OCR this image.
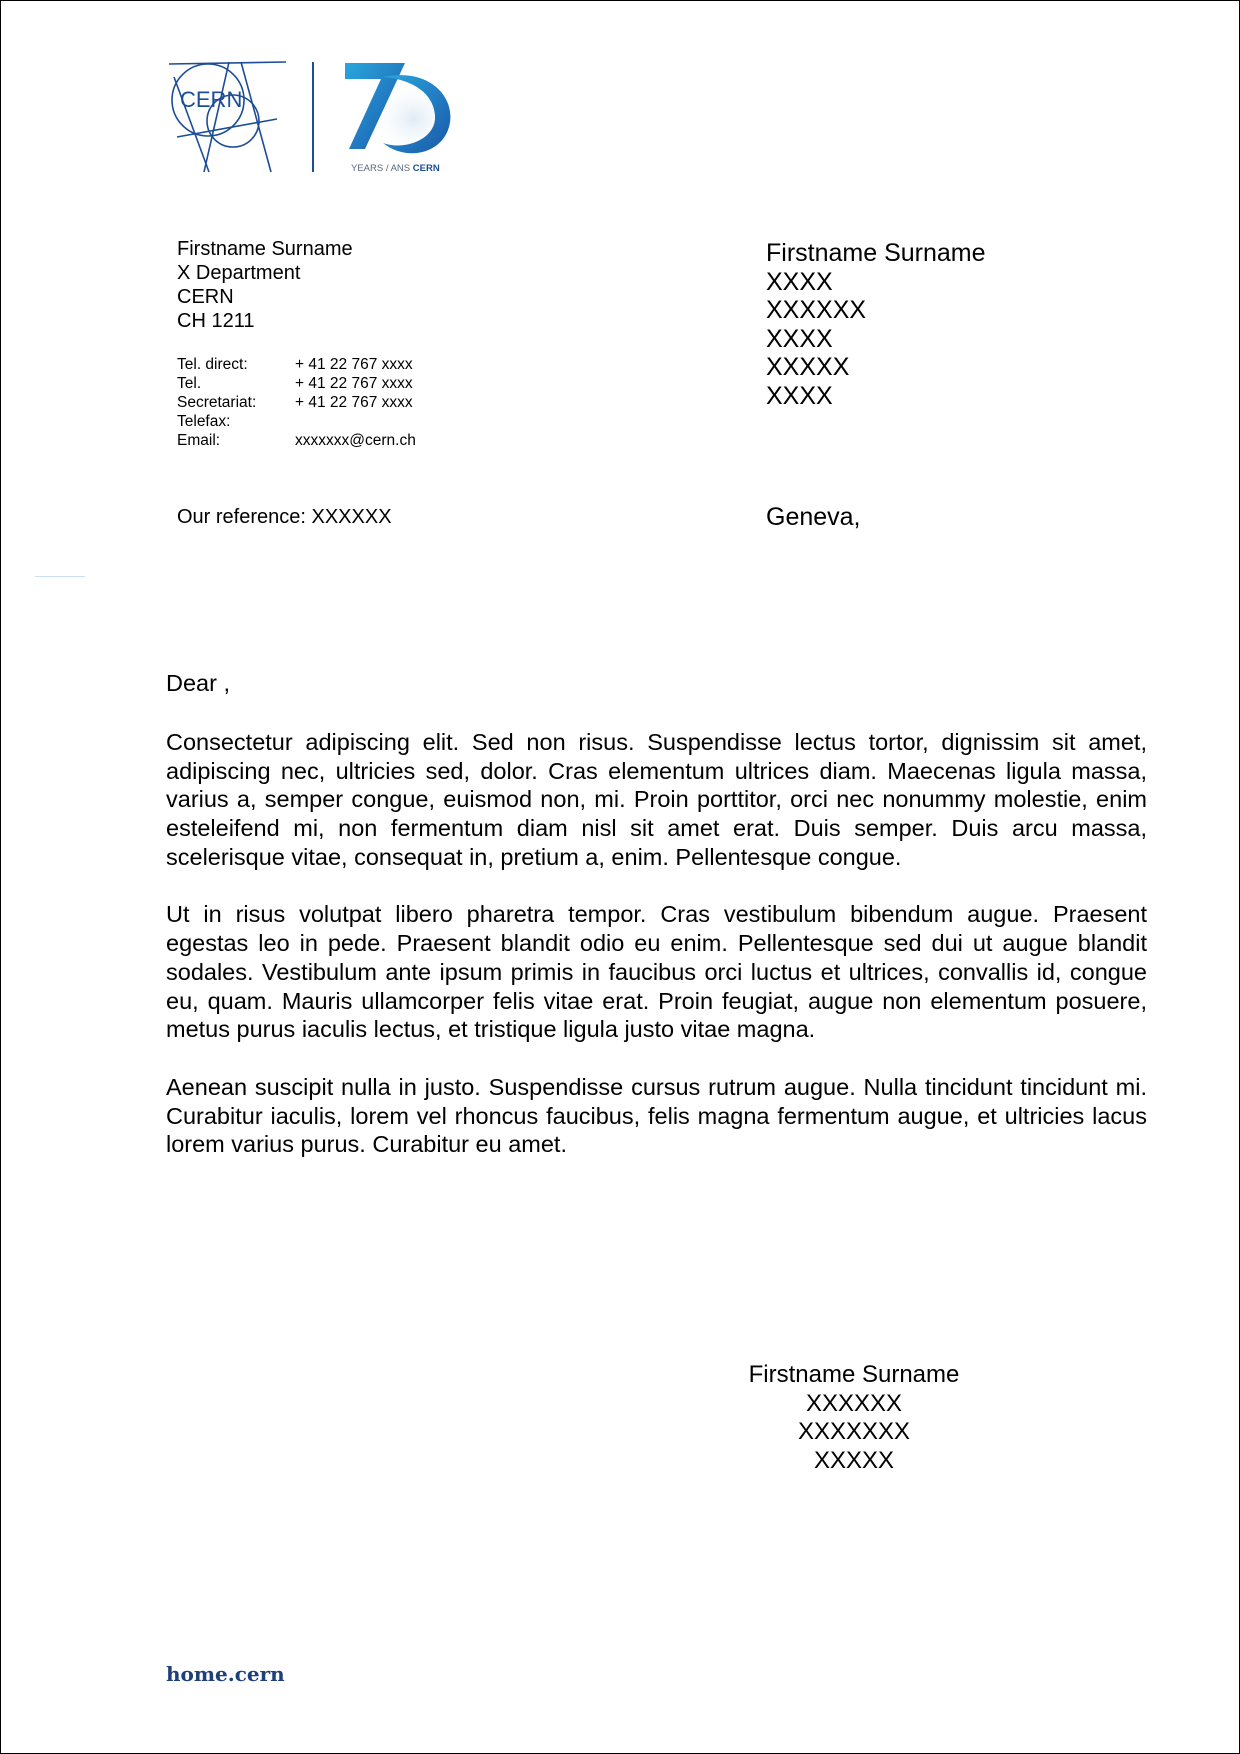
CERN
YEARS / ANS CERN
Firstname Surname
X Department
CERN
CH 1211
Tel. direct:	+ 41 22 767 xxxx
Tel.	+ 41 22 767 xxxx
Secretariat:	+ 41 22 767 xxxx
Telefax:
Email:	xxxxxxx@cern.ch
Our reference: XXXXXX
Firstname Surname
XXXX
XXXXXX
XXXX
XXXXX
XXXX
Geneva,
Dear ,

Consectetur adipiscing elit. Sed non risus. Suspendisse lectus tortor, dignissim sit amet, adipiscing nec, ultricies sed, dolor. Cras elementum ultrices diam. Maecenas ligula massa, varius a, semper congue, euismod non, mi. Proin porttitor, orci nec nonummy molestie, enim esteleifend mi, non fermentum diam nisl sit amet erat. Duis semper. Duis arcu massa, scelerisque vitae, consequat in, pretium a, enim. Pellentesque congue.

Ut in risus volutpat libero pharetra tempor. Cras vestibulum bibendum augue. Praesent egestas leo in pede. Praesent blandit odio eu enim. Pellentesque sed dui ut augue blandit sodales. Vestibulum ante ipsum primis in faucibus orci luctus et ultrices, convallis id, congue eu, quam. Mauris ullamcorper felis vitae erat. Proin feugiat, augue non elementum posuere, metus purus iaculis lectus, et tristique ligula justo vitae magna.

Aenean suscipit nulla in justo. Suspendisse cursus rutrum augue. Nulla tincidunt tincidunt mi. Curabitur iaculis, lorem vel rhoncus faucibus, felis magna fermentum augue, et ultricies lacus lorem varius purus. Curabitur eu amet.

Firstname Surname
XXXXXX
XXXXXXX
XXXXX
home.cern
